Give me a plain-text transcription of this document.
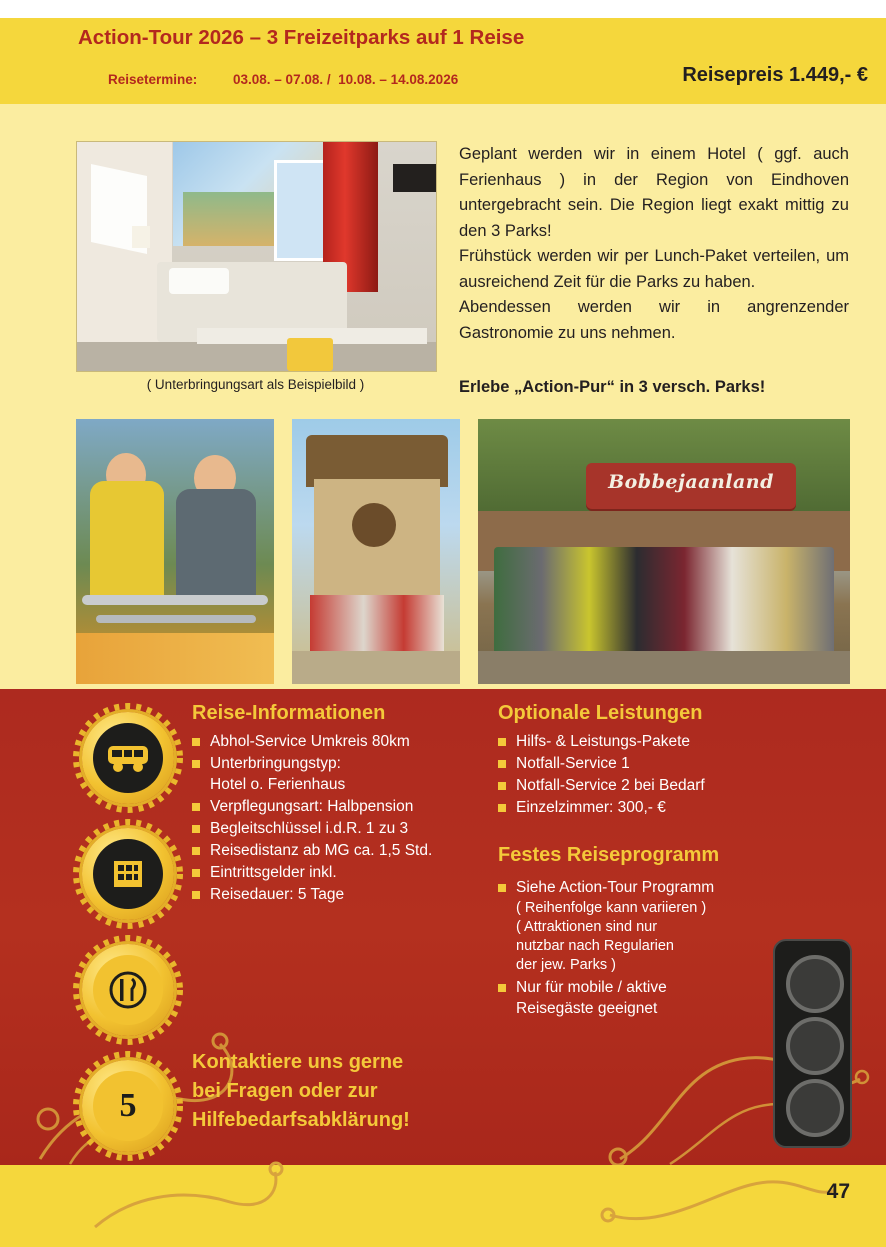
Action-Tour 2026 – 3 Freizeitparks auf 1 Reise

Reisetermine:	03.08. – 07.08. /  10.08. – 14.08.2026

	Reisepreis 1.449,- €
( Unterbringungsart als Beispielbild )

Geplant werden wir in einem Hotel ( ggf. auch Ferienhaus ) in der Region von Eindhoven untergebracht sein. Die Region liegt exakt mittig zu den 3 Parks!

Frühstück werden wir per Lunch-Paket verteilen, um ausreichend Zeit für die Parks zu haben.

Abendessen werden wir in angrenzender Gastronomie zu uns nehmen.

Erlebe „Action-Pur“ in 3 versch. Parks!
Bobbejaanland
5
Reise-Informationen
Abhol-Service Umkreis 80km
Unterbringungstyp:
Hotel o. Ferienhaus
Verpflegungsart: Halbpension
Begleitschlüssel i.d.R. 1 zu 3
Reisedistanz ab MG ca. 1,5 Std.
Eintrittsgelder inkl.
Reisedauer: 5 Tage
Optionale Leistungen
Hilfs- & Leistungs-Pakete
Notfall-Service 1
Notfall-Service 2 bei Bedarf
Einzelzimmer: 300,- €
Festes Reiseprogramm
Siehe Action-Tour Programm
( Reihenfolge kann variieren )
( Attraktionen sind nur
nutzbar nach Regularien
der jew. Parks )
Nur für mobile / aktive
Reisegäste geeignet
Kontaktiere uns gerne
bei Fragen oder zur
Hilfebedarfsabklärung!
47
